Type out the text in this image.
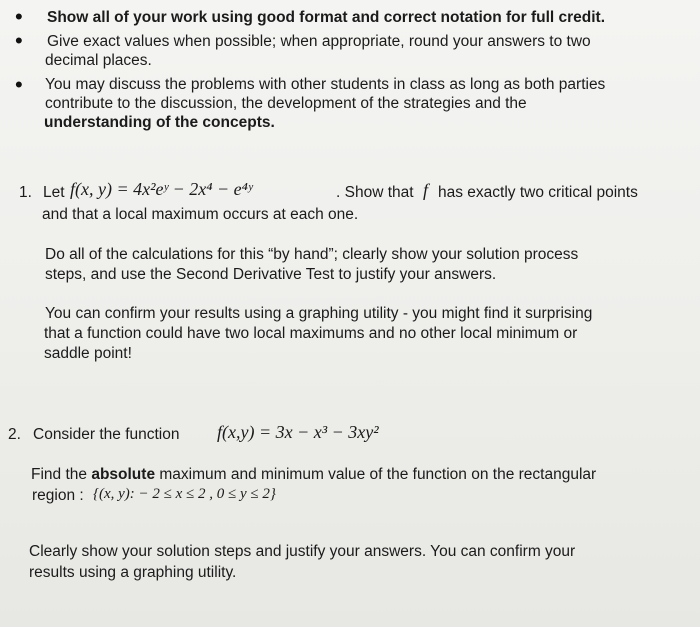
• Show all of your work using good format and correct notation for full credit.
• Give exact values when possible; when appropriate, round your answers to two
decimal places.
• You may discuss the problems with other students in class as long as both parties
contribute to the discussion, the development of the strategies and the
understanding of the concepts.
1. Let f(x, y) = 4x²eʸ − 2x⁴ − e⁴ʸ	. Show that f has exactly two critical points
and that a local maximum occurs at each one.
Do all of the calculations for this “by hand”; clearly show your solution process
steps, and use the Second Derivative Test to justify your answers.
You can confirm your results using a graphing utility - you might find it surprising
that a function could have two local maximums and no other local minimum or
saddle point!
2. Consider the function f(x,y) = 3x − x³ − 3xy²
Find the absolute maximum and minimum value of the function on the rectangular
region : {(x, y): − 2 ≤ x ≤ 2 , 0 ≤ y ≤ 2}
Clearly show your solution steps and justify your answers. You can confirm your
results using a graphing utility.
